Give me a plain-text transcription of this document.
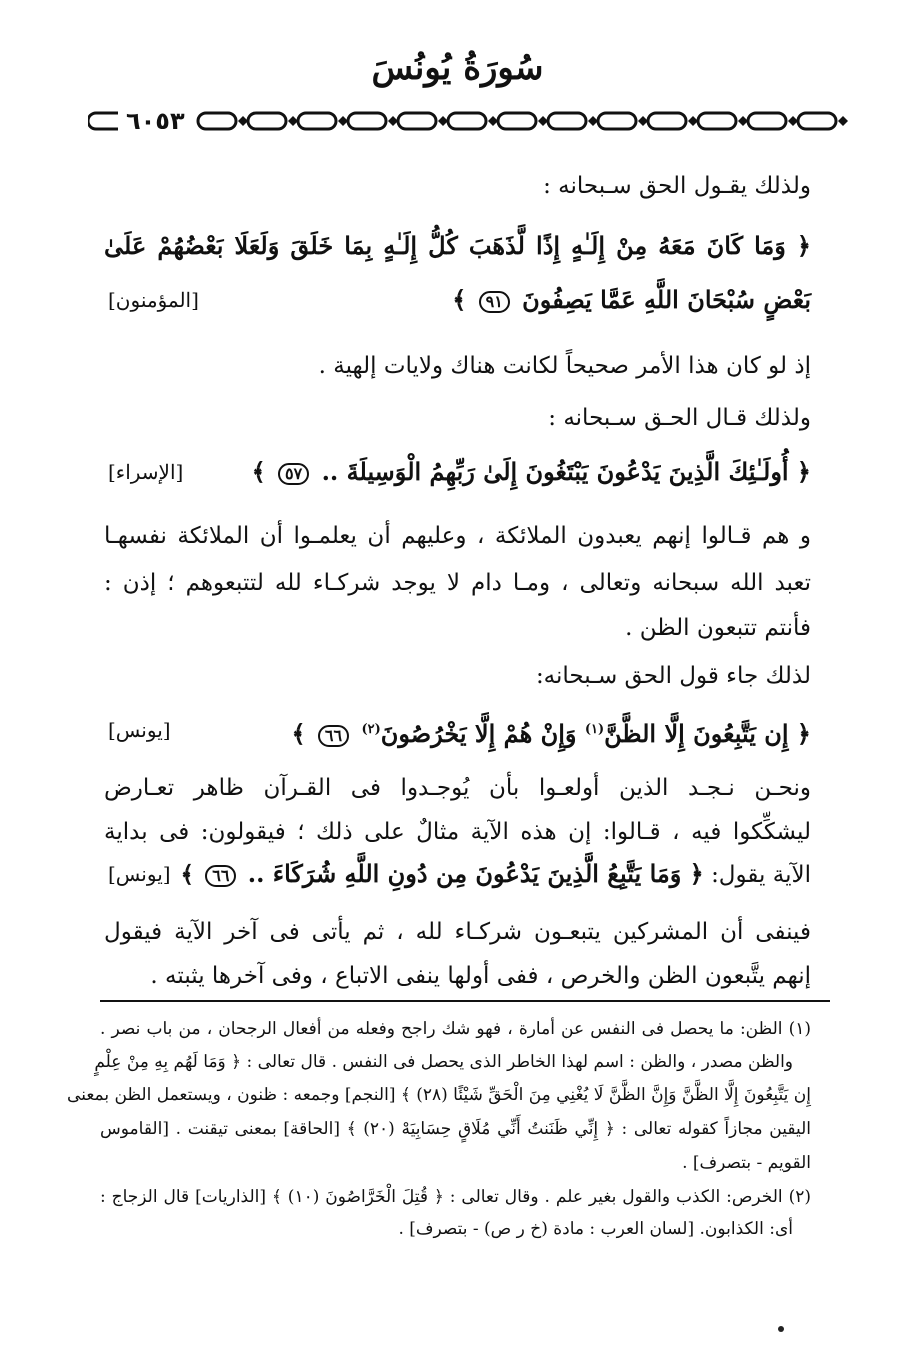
سُورَةُ يُونُسَ
٦٠٥٣
ولذلك يقـول الحق سـبحانه :
﴿ وَمَا كَانَ مَعَهُ مِنْ إِلَـٰهٍ إِذًا لَّذَهَبَ كُلُّ إِلَـٰهٍ بِمَا خَلَقَ وَلَعَلَا بَعْضُهُمْ عَلَىٰ
بَعْضٍ سُبْحَانَ اللَّهِ عَمَّا يَصِفُونَ ٩١ ﴾
[المؤمنون]
إذ لو كان هذا الأمر صحيحاً لكانت هناك ولايات إلهية .
ولذلك قـال الحـق سـبحانه :
﴿ أُولَـٰئِكَ الَّذِينَ يَدْعُونَ يَبْتَغُونَ إِلَىٰ رَبِّهِمُ الْوَسِيلَةَ .. ٥٧ ﴾
[الإسراء]
و هم قـالوا إنهم يعبدون الملائكة ، وعليهم أن يعلمـوا أن الملائكة نفسهـا
تعبد الله سبحانه وتعالى ، ومـا دام لا يوجد شركـاء لله لتتبعوهم ؛ إذن :
فأنتم تتبعون الظن .
لذلك جاء قول الحق سـبحانه:
﴿ إِن يَتَّبِعُونَ إِلَّا الظَّنَّ$^{(١)}$ وَإِنْ هُمْ إِلَّا يَخْرُصُونَ$^{(٢)}$ ٦٦ ﴾
[يونس]
ونحـن نـجـد الذين أولعـوا بأن يُوجـدوا فى القـرآن ظاهر تعـارض
ليشكِّكوا فيه ، قـالوا: إن هذه الآية مثالٌ على ذلك ؛ فيقولون: فى بداية
الآية يقول: ﴿ وَمَا يَتَّبِعُ الَّذِينَ يَدْعُونَ مِن دُونِ اللَّهِ شُرَكَاءَ .. ٦٦ ﴾
[يونس]
فينفى أن المشركين يتبعـون شركـاء لله ، ثم يأتى فى آخر الآية فيقول
إنهم يتَّبعون الظن والخرص ، ففى أولها ينفى الاتباع ، وفى آخرها يثبته .
(١) الظن: ما يحصل فى النفس عن أمارة ، فهو شك راجح وفعله من أفعال الرجحان ، من باب نصر .
والظن مصدر ، والظن : اسم لهذا الخاطر الذى يحصل فى النفس . قال تعالى : ﴿ وَمَا لَهُم بِهِ مِنْ عِلْمٍ
إِن يَتَّبِعُونَ إِلَّا الظَّنَّ وَإِنَّ الظَّنَّ لَا يُغْنِي مِنَ الْحَقِّ شَيْئًا (٢٨) ﴾ [النجم] وجمعه : ظنون ، ويستعمل الظن بمعنى
اليقين مجازاً كقوله تعالى : ﴿ إِنِّي ظَنَنتُ أَنِّي مُلَاقٍ حِسَابِيَهْ (٢٠) ﴾ [الحاقة] بمعنى تيقنت . [القاموس
القويم - بتصرف] .
(٢) الخرص: الكذب والقول بغير علم . وقال تعالى : ﴿ قُتِلَ الْخَرَّاصُونَ (١٠) ﴾ [الذاريات] قال الزجاج :
أى: الكذابون. [لسان العرب : مادة (خ ر ص) - بتصرف] .
